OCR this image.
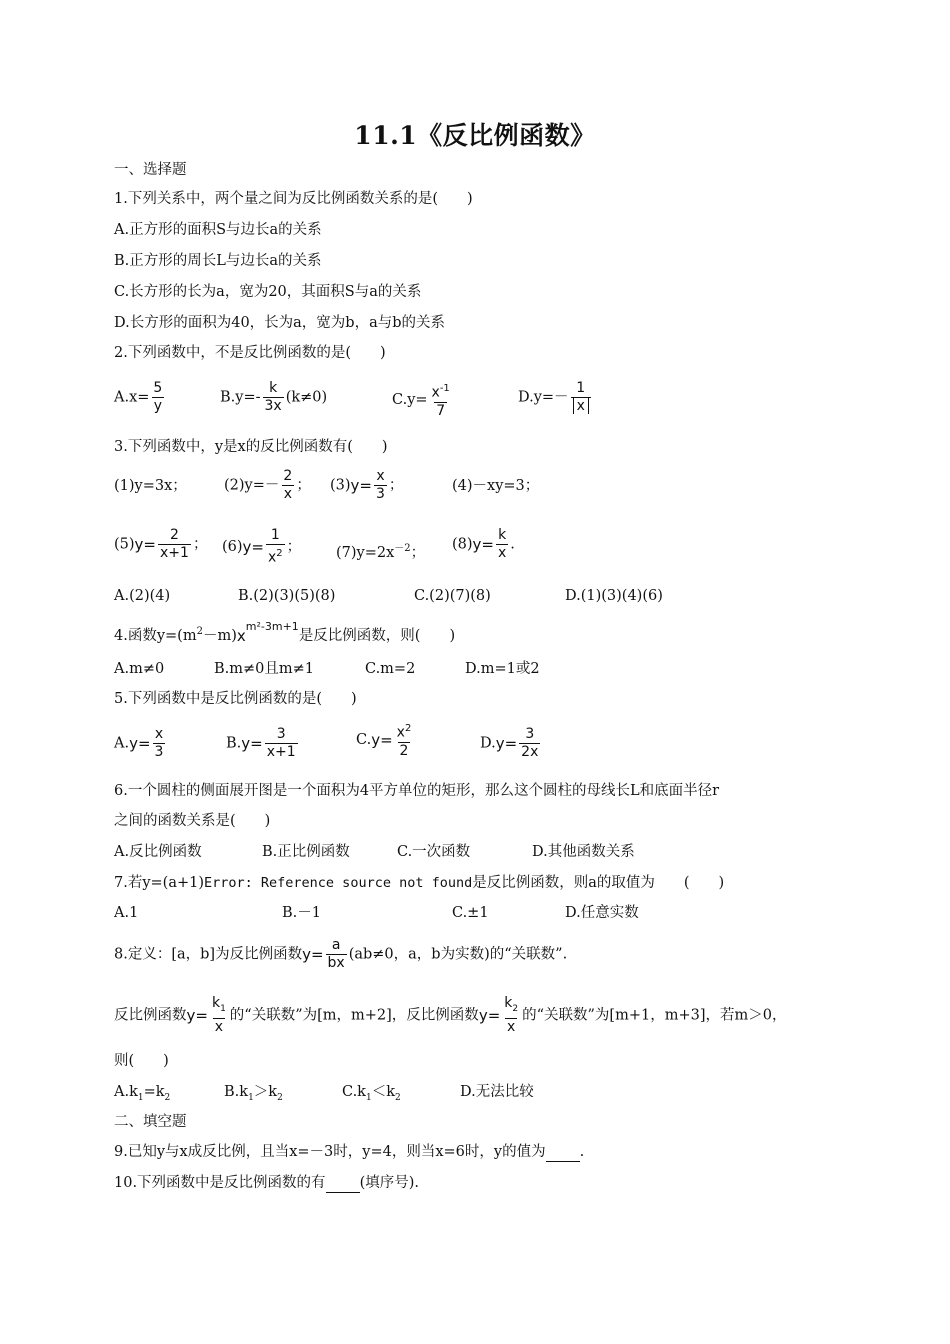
11.1《反比例函数》
一、选择题
1.下列关系中，两个量之间为反比例函数关系的是(　　)
A.正方形的面积S与边长a的关系
B.正方形的周长L与边长a的关系
C.长方形的长为a，宽为20，其面积S与a的关系
D.长方形的面积为40，长为a，宽为b，a与b的关系
2.下列函数中，不是反比例函数的是(　　)
$A.x= \frac{5}{y}$	$B.y=- \frac{k}{3x} (k\ne 0)$	$C.y= \frac{x^{-1}}{7}$	$D.y=- \frac{1}{x}$
3.下列函数中，y是x的反比例函数有(　　)
(1)y=3x；	$(2)y=- \frac{2}{x}$ ； $(3)y= \frac{x}{3}$ ；	(4)－xy=3；
$(5)y= \frac{2}{x+1}$ ； $(6)y= \frac{1}{x^2}$ ； $(7)y=2x^{-2}$；
$(8)y= \frac{k}{x}$ .
A.(2)(4)	B.(2)(3)(5)(8)	C.(2)(7)(8)	D.(1)(3)(4)(6)
4.函数$y=(m^2-m)x^{m^2-3m+1}$是反比例函数，则(　　)
A.m≠0	B.m≠0且m≠1	C.m=2	D.m=1或2
5.下列函数中是反比例函数的是(　　)
$A.y= \frac{x}{3}$	$B.y= \frac{3}{x+1}$	$C.y= \frac{x^2}{2}$	$D.y= \frac{3}{2x}$
6.一个圆柱的侧面展开图是一个面积为4平方单位的矩形，那么这个圆柱的母线长L和底面半径r
之间的函数关系是(　　)
A.反比例函数	B.正比例函数	C.一次函数	D.其他函数关系
7.若y=(a+1)Error: Reference source not found是反比例函数，则a的取值为　　(　　)
A.1	B.－1	C.±1	D.任意实数
8.定义：[a，b]为反比例函数$y= \frac{a}{bx} (ab\ne 0$，a，b为实数)的“关联数”.
反比例函数$y= \frac{k_1}{x}$ 的“关联数”为[m，m+2]，反比例函数$y= \frac{k_2}{x}$ 的“关联数”为[m+1，m+3]，若m＞0，
则(　　)
$A.k_1=k_2$	$B.k_1>k_2$	$C.k_1<k_2$	D.无法比较
二、填空题
9.已知y与x成反比例，且当x=－3时，y=4，则当x=6时，y的值为 .
10.下列函数中是反比例函数的有 (填序号).
